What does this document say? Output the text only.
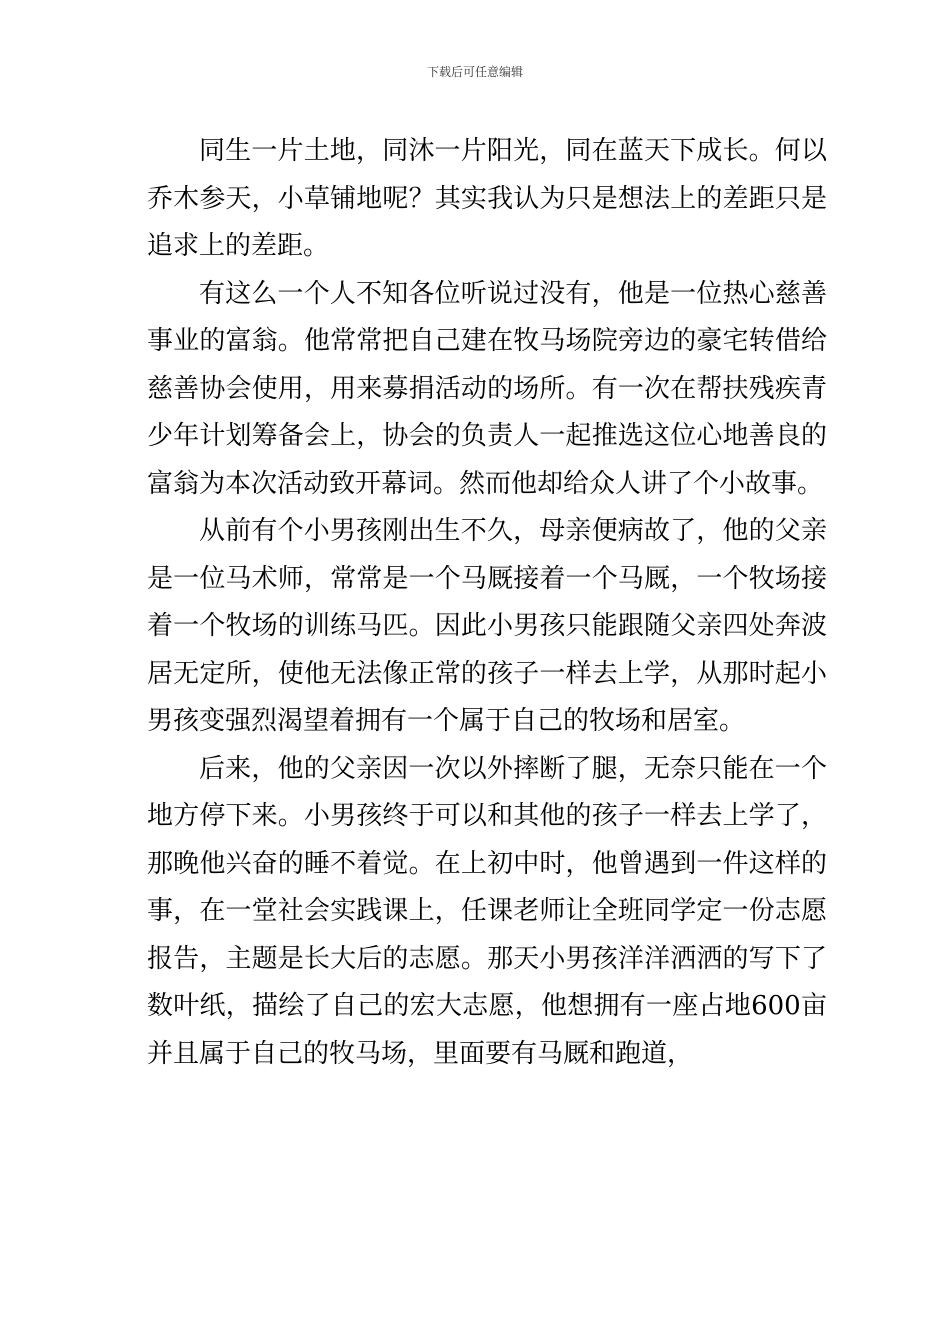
下载后可任意编辑

同生一片土地，同沐一片阳光，同在蓝天下成长。何以乔木参天，小草铺地呢？其实我认为只是想法上的差距只是追求上的差距。

有这么一个人不知各位听说过没有，他是一位热心慈善事业的富翁。他常常把自己建在牧马场院旁边的豪宅转借给慈善协会使用，用来募捐活动的场所。有一次在帮扶残疾青少年计划筹备会上，协会的负责人一起推选这位心地善良的富翁为本次活动致开幕词。然而他却给众人讲了个小故事。

从前有个小男孩刚出生不久，母亲便病故了，他的父亲是一位马术师，常常是一个马厩接着一个马厩，一个牧场接着一个牧场的训练马匹。因此小男孩只能跟随父亲四处奔波居无定所，使他无法像正常的孩子一样去上学，从那时起小男孩变强烈渴望着拥有一个属于自己的牧场和居室。

后来，他的父亲因一次以外摔断了腿，无奈只能在一个地方停下来。小男孩终于可以和其他的孩子一样去上学了，那晚他兴奋的睡不着觉。在上初中时，他曾遇到一件这样的事，在一堂社会实践课上，任课老师让全班同学定一份志愿报告，主题是长大后的志愿。那天小男孩洋洋洒洒的写下了数叶纸，描绘了自己的宏大志愿，他想拥有一座占地600亩并且属于自己的牧马场，里面要有马厩和跑道，
